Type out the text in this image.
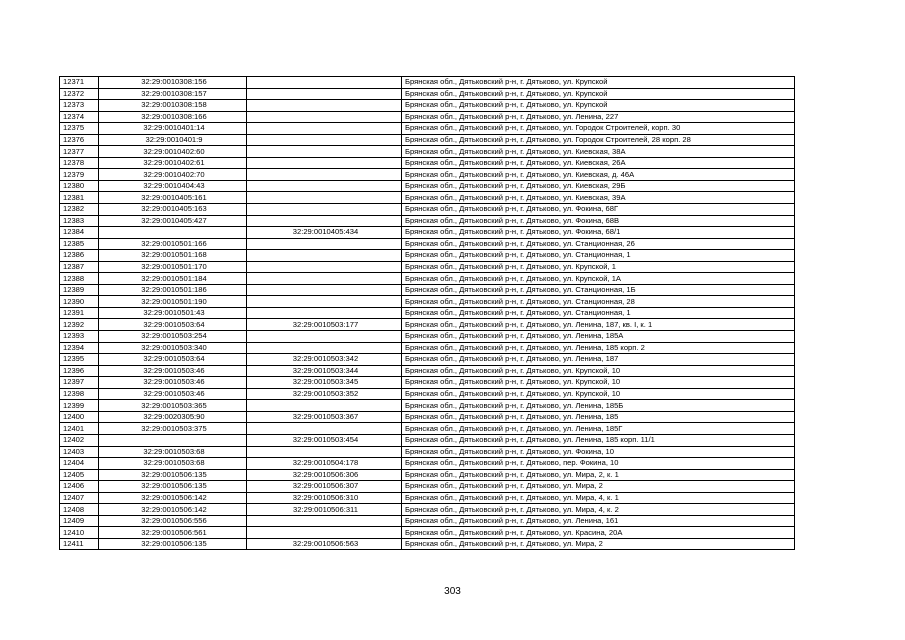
12371	32:29:0010308:156		Брянская обл., Дятьковский р-н, г. Дятьково, ул. Крупской
12372	32:29:0010308:157		Брянская обл., Дятьковский р-н, г. Дятьково, ул. Крупской
12373	32:29:0010308:158		Брянская обл., Дятьковский р-н, г. Дятьково, ул. Крупской
12374	32:29:0010308:166		Брянская обл., Дятьковский р-н, г. Дятьково, ул. Ленина, 227
12375	32:29:0010401:14		Брянская обл., Дятьковский р-н, г. Дятьково, ул. Городок Строителей, корп. 30
12376	32:29:0010401:9		Брянская обл., Дятьковский р-н, г. Дятьково, ул. Городок Строителей, 28 корп. 28
12377	32:29:0010402:60		Брянская обл., Дятьковский р-н, г. Дятьково, ул. Киевская, 38А
12378	32:29:0010402:61		Брянская обл., Дятьковский р-н, г. Дятьково, ул. Киевская, 26А
12379	32:29:0010402:70		Брянская обл., Дятьковский р-н, г. Дятьково, ул. Киевская, д. 46А
12380	32:29:0010404:43		Брянская обл., Дятьковский р-н, г. Дятьково, ул. Киевская, 29Б
12381	32:29:0010405:161		Брянская обл., Дятьковский р-н, г. Дятьково, ул. Киевская, 39А
12382	32:29:0010405:163		Брянская обл., Дятьковский р-н, г. Дятьково, ул. Фокина, 68Г
12383	32:29:0010405:427		Брянская обл., Дятьковский р-н, г. Дятьково, ул. Фокина, 68В
12384		32:29:0010405:434	Брянская обл., Дятьковский р-н, г. Дятьково, ул. Фокина, 68/1
12385	32:29:0010501:166		Брянская обл., Дятьковский р-н, г. Дятьково, ул. Станционная, 26
12386	32:29:0010501:168		Брянская обл., Дятьковский р-н, г. Дятьково, ул. Станционная, 1
12387	32:29:0010501:170		Брянская обл., Дятьковский р-н, г. Дятьково, ул. Крупской, 1
12388	32:29:0010501:184		Брянская обл., Дятьковский р-н, г. Дятьково, ул. Крупской, 1А
12389	32:29:0010501:186		Брянская обл., Дятьковский р-н, г. Дятьково, ул. Станционная, 1Б
12390	32:29:0010501:190		Брянская обл., Дятьковский р-н, г. Дятьково, ул. Станционная, 28
12391	32:29:0010501:43		Брянская обл., Дятьковский р-н, г. Дятьково, ул. Станционная, 1
12392	32:29:0010503:64	32:29:0010503:177	Брянская обл., Дятьковский р-н, г. Дятьково, ул. Ленина, 187, кв. I, к. 1
12393	32:29:0010503:254		Брянская обл., Дятьковский р-н, г. Дятьково, ул. Ленина, 185А
12394	32:29:0010503:340		Брянская обл., Дятьковский р-н, г. Дятьково, ул. Ленина, 185 корп. 2
12395	32:29:0010503:64	32:29:0010503:342	Брянская обл., Дятьковский р-н, г. Дятьково, ул. Ленина, 187
12396	32:29:0010503:46	32:29:0010503:344	Брянская обл., Дятьковский р-н, г. Дятьково, ул. Крупской, 10
12397	32:29:0010503:46	32:29:0010503:345	Брянская обл., Дятьковский р-н, г. Дятьково, ул. Крупской, 10
12398	32:29:0010503:46	32:29:0010503:352	Брянская обл., Дятьковский р-н, г. Дятьково, ул. Крупской, 10
12399	32:29:0010503:365		Брянская обл., Дятьковский р-н, г. Дятьково, ул. Ленина, 185Б
12400	32:29:0020305:90	32:29:0010503:367	Брянская обл., Дятьковский р-н, г. Дятьково, ул. Ленина, 185
12401	32:29:0010503:375		Брянская обл., Дятьковский р-н, г. Дятьково, ул. Ленина, 185Г
12402		32:29:0010503:454	Брянская обл., Дятьковский р-н, г. Дятьково, ул. Ленина, 185 корп. 11/1
12403	32:29:0010503:68		Брянская обл., Дятьковский р-н, г. Дятьково, ул. Фокина, 10
12404	32:29:0010503:68	32:29:0010504:178	Брянская обл., Дятьковский р-н, г. Дятьково, пер. Фокина, 10
12405	32:29:0010506:135	32:29:0010506:306	Брянская обл., Дятьковский р-н, г. Дятьково, ул. Мира, 2, к. 1
12406	32:29:0010506:135	32:29:0010506:307	Брянская обл., Дятьковский р-н, г. Дятьково, ул. Мира, 2
12407	32:29:0010506:142	32:29:0010506:310	Брянская обл., Дятьковский р-н, г. Дятьково, ул. Мира, 4, к. 1
12408	32:29:0010506:142	32:29:0010506:311	Брянская обл., Дятьковский р-н, г. Дятьково, ул. Мира, 4, к. 2
12409	32:29:0010506:556		Брянская обл., Дятьковский р-н, г. Дятьково, ул. Ленина, 161
12410	32:29:0010506:561		Брянская обл., Дятьковский р-н, г. Дятьково, ул. Красина, 20А
12411	32:29:0010506:135	32:29:0010506:563	Брянская обл., Дятьковский р-н, г. Дятьково, ул. Мира, 2
303
